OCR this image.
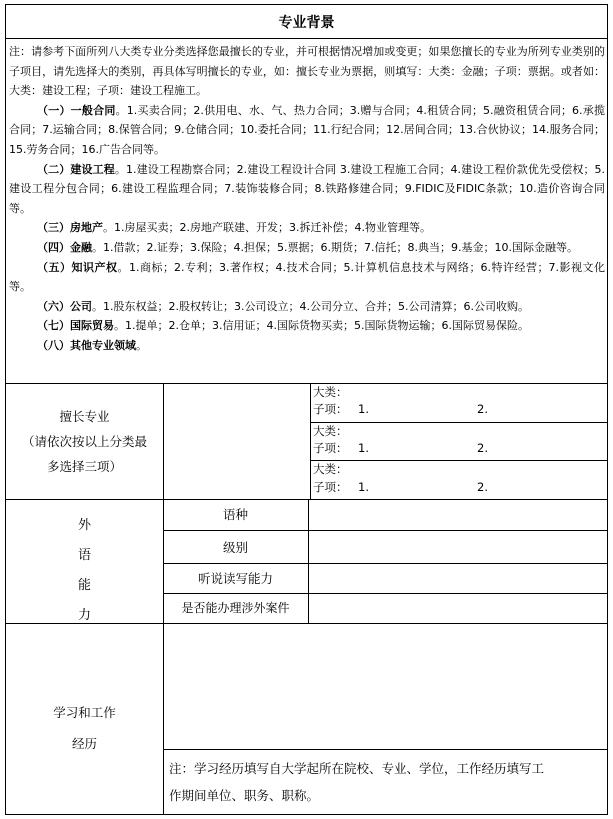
专业背景

注：请参考下面所列八大类专业分类选择您最擅长的专业，并可根据情况增加或变更；如果您擅长的专业为所列专业类别的子项目，请先选择大的类别，再具体写明擅长的专业，如：擅长专业为票据，则填写：大类：金融；子项：票据。或者如：大类：建设工程；子项：建设工程施工。

（一）一般合同。1.买卖合同；2.供用电、水、气、热力合同；3.赠与合同；4.租赁合同；5.融资租赁合同；6.承揽合同；7.运输合同；8.保管合同；9.仓储合同；10.委托合同；11.行纪合同；12.居间合同；13.合伙协议；14.服务合同；15.劳务合同；16.广告合同等。

（二）建设工程。1.建设工程勘察合同；2.建设工程设计合同 3.建设工程施工合同；4.建设工程价款优先受偿权；5.建设工程分包合同；6.建设工程监理合同；7.装饰装修合同；8.铁路修建合同；9.FIDIC及FIDIC条款；10.造价咨询合同等。

（三）房地产。1.房屋买卖；2.房地产联建、开发；3.拆迁补偿；4.物业管理等。

（四）金融。1.借款；2.证券；3.保险；4.担保；5.票据；6.期货；7.信托；8.典当；9.基金；10.国际金融等。

（五）知识产权。1.商标；2.专利；3.著作权；4.技术合同；5.计算机信息技术与网络；6.特许经营；7.影视文化等。

（六）公司。1.股东权益；2.股权转让；3.公司设立；4.公司分立、合并；5.公司清算；6.公司收购。

（七）国际贸易。1.提单；2.仓单；3.信用证；4.国际货物买卖；5.国际货物运输；6.国际贸易保险。

（八）其他专业领域。

擅长专业
（请依次按以上分类最
多选择三项）
大类：
子项： 1.	2.
大类：
子项： 1.	2.
大类：
子项： 1.	2.
外
语
能
力
语种
级别
听说读写能力
是否能办理涉外案件
学习和工作
经历
注：学习经历填写自大学起所在院校、专业、学位，工作经历填写工
作期间单位、职务、职称。
